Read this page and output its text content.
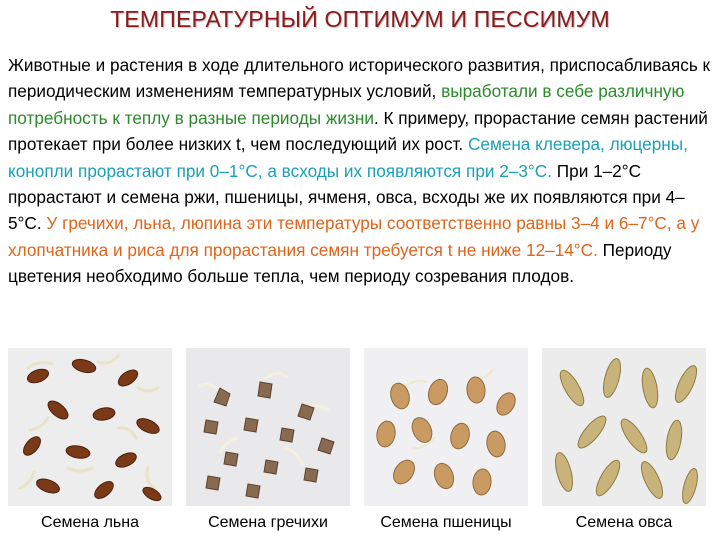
ТЕМПЕРАТУРНЫЙ ОПТИМУМ И ПЕССИМУМ
Животные и растения в ходе длительного исторического развития, приспосабливаясь к периодическим изменениям температурных условий, выработали в себе различную потребность к теплу в разные периоды жизни. К примеру, прорастание семян растений протекает при более низких t, чем последующий их рост. Семена клевера, люцерны, конопли прорастают при 0–1°С, а всходы их появляются при 2–3°С. При 1–2°С прорастают и семена ржи, пшеницы, ячменя, овса, всходы же их появляются при 4–5°С. У гречихи, льна, люпина эти температуры соответственно равны 3–4 и 6–7°С, а у хлопчатника и риса для прорастания семян требуется t не ниже 12–14°С. Периоду цветения необходимо больше тепла, чем периоду созревания плодов.
Семена льна	Семена гречихи	Семена пшеницы	Семена овса
